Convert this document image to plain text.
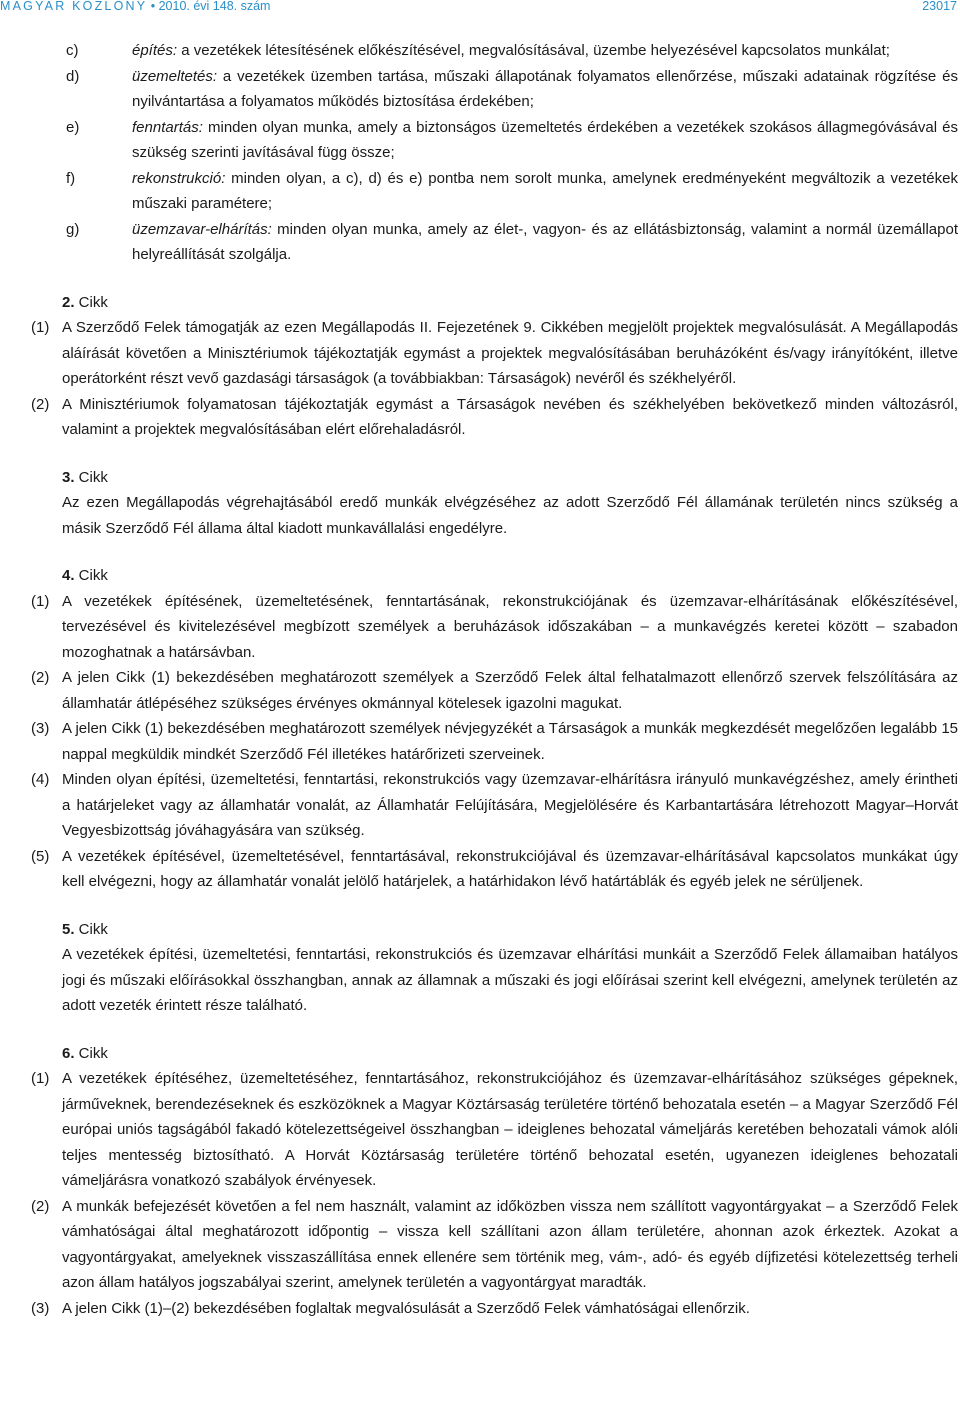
MAGYAR KÖZLÖNY • 2010. évi 148. szám	23017
c)	építés: a vezetékek létesítésének előkészítésével, megvalósításával, üzembe helyezésével kapcsolatos munkálat;
d)	üzemeltetés: a vezetékek üzemben tartása, műszaki állapotának folyamatos ellenőrzése, műszaki adatainak rögzítése és nyilvántartása a folyamatos működés biztosítása érdekében;
e)	fenntartás: minden olyan munka, amely a biztonságos üzemeltetés érdekében a vezetékek szokásos állagmegóvásával és szükség szerinti javításával függ össze;
f)	rekonstrukció: minden olyan, a c), d) és e) pontba nem sorolt munka, amelynek eredményeként megváltozik a vezetékek műszaki paramétere;
g)	üzemzavar-elhárítás: minden olyan munka, amely az élet-, vagyon- és az ellátásbiztonság, valamint a normál üzemállapot helyreállítását szolgálja.
2. Cikk
(1) A Szerződő Felek támogatják az ezen Megállapodás II. Fejezetének 9. Cikkében megjelölt projektek megvalósulását. A Megállapodás aláírását követően a Minisztériumok tájékoztatják egymást a projektek megvalósításában beruházóként és/vagy irányítóként, illetve operátorként részt vevő gazdasági társaságok (a továbbiakban: Társaságok) nevéről és székhelyéről.
(2) A Minisztériumok folyamatosan tájékoztatják egymást a Társaságok nevében és székhelyében bekövetkező minden változásról, valamint a projektek megvalósításában elért előrehaladásról.
3. Cikk
Az ezen Megállapodás végrehajtásából eredő munkák elvégzéséhez az adott Szerződő Fél államának területén nincs szükség a másik Szerződő Fél állama által kiadott munkavállalási engedélyre.
4. Cikk
(1) A vezetékek építésének, üzemeltetésének, fenntartásának, rekonstrukciójának és üzemzavar-elhárításának előkészítésével, tervezésével és kivitelezésével megbízott személyek a beruházások időszakában – a munkavégzés keretei között – szabadon mozoghatnak a határsávban.
(2) A jelen Cikk (1) bekezdésében meghatározott személyek a Szerződő Felek által felhatalmazott ellenőrző szervek felszólítására az államhatár átlépéséhez szükséges érvényes okmánnyal kötelesek igazolni magukat.
(3) A jelen Cikk (1) bekezdésében meghatározott személyek névjegyzékét a Társaságok a munkák megkezdését megelőzően legalább 15 nappal megküldik mindkét Szerződő Fél illetékes határőrizeti szerveinek.
(4) Minden olyan építési, üzemeltetési, fenntartási, rekonstrukciós vagy üzemzavar-elhárításra irányuló munkavégzéshez, amely érintheti a határjeleket vagy az államhatár vonalát, az Államhatár Felújítására, Megjelölésére és Karbantartására létrehozott Magyar–Horvát Vegyesbizottság jóváhagyására van szükség.
(5) A vezetékek építésével, üzemeltetésével, fenntartásával, rekonstrukciójával és üzemzavar-elhárításával kapcsolatos munkákat úgy kell elvégezni, hogy az államhatár vonalát jelölő határjelek, a határhidakon lévő határtáblák és egyéb jelek ne sérüljenek.
5. Cikk
A vezetékek építési, üzemeltetési, fenntartási, rekonstrukciós és üzemzavar elhárítási munkáit a Szerződő Felek államaiban hatályos jogi és műszaki előírásokkal összhangban, annak az államnak a műszaki és jogi előírásai szerint kell elvégezni, amelynek területén az adott vezeték érintett része található.
6. Cikk
(1) A vezetékek építéséhez, üzemeltetéséhez, fenntartásához, rekonstrukciójához és üzemzavar-elhárításához szükséges gépeknek, járműveknek, berendezéseknek és eszközöknek a Magyar Köztársaság területére történő behozatala esetén – a Magyar Szerződő Fél európai uniós tagságából fakadó kötelezettségeivel összhangban – ideiglenes behozatal vámeljárás keretében behozatali vámok alóli teljes mentesség biztosítható. A Horvát Köztársaság területére történő behozatal esetén, ugyanezen ideiglenes behozatali vámeljárásra vonatkozó szabályok érvényesek.
(2) A munkák befejezését követően a fel nem használt, valamint az időközben vissza nem szállított vagyontárgyakat – a Szerződő Felek vámhatóságai által meghatározott időpontig – vissza kell szállítani azon állam területére, ahonnan azok érkeztek. Azokat a vagyontárgyakat, amelyeknek visszaszállítása ennek ellenére sem történik meg, vám-, adó- és egyéb díjfizetési kötelezettség terheli azon állam hatályos jogszabályai szerint, amelynek területén a vagyontárgyat maradták.
(3) A jelen Cikk (1)–(2) bekezdésében foglaltak megvalósulását a Szerződő Felek vámhatóságai ellenőrzik.
